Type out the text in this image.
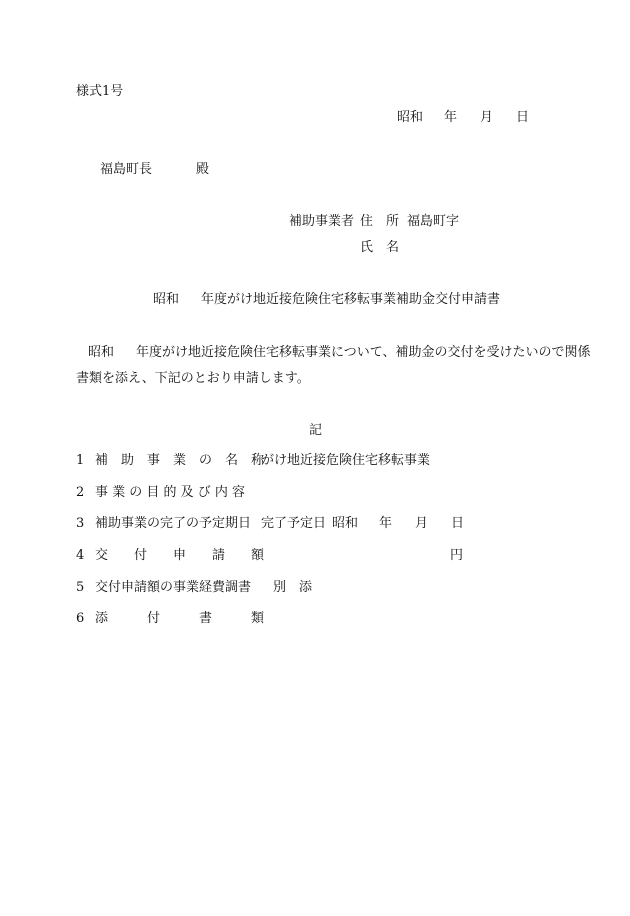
様式1号
昭和 年 月 日
福島町長	殿
補助事業者 住　所 福島町字
氏　名
昭和 年度がけ地近接危険住宅移転事業補助金交付申請書
昭和 年度がけ地近接危険住宅移転事業について、補助金の交付を受けたいので関係
書類を添え、下記のとおり申請します。
記
1 補　助　事　業　の　名　称
がけ地近接危険住宅移転事業
2 事 業 の 目 的 及 び 内 容
3 補助事業の完了の予定期日 完了予定日 昭和 年 月 日
4 交　　付　　申　　請　　額	円
5 交付申請額の事業経費調書 別　添
6 添　　　付　　　書　　　類
